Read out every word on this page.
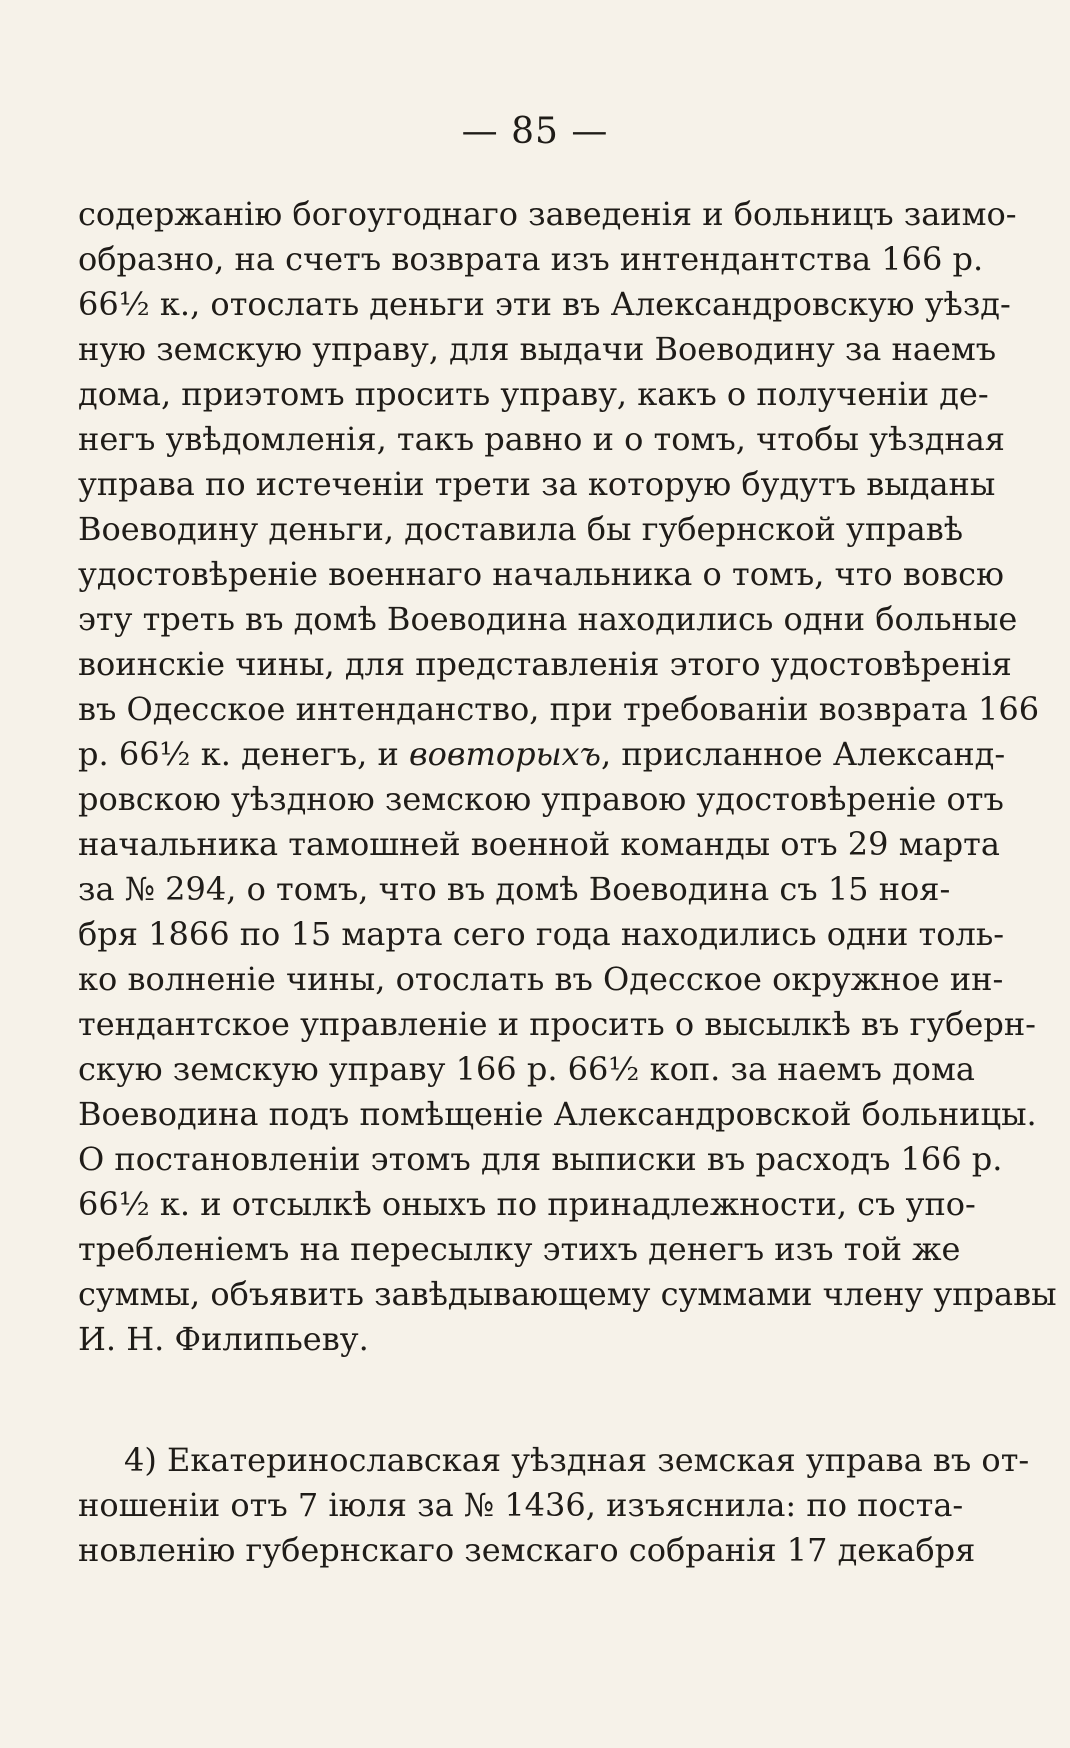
— 85 —
содержанію богоугоднаго заведенія и больницъ заимо-
образно, на счетъ возврата изъ интендантства 166 р.
66½ к., отослать деньги эти въ Александровскую уѣзд-
ную земскую управу, для выдачи Воеводину за наемъ
дома, приэтомъ просить управу, какъ о полученіи де-
негъ увѣдомленія, такъ равно и о томъ, чтобы уѣздная
управа по истеченіи трети за которую будутъ выданы
Воеводину деньги, доставила бы губернской управѣ
удостовѣреніе военнаго начальника о томъ, что вовсю
эту треть въ домѣ Воеводина находились одни больные
воинскіе чины, для представленія этого удостовѣренія
въ Одесское интенданство, при требованіи возврата 166
р. 66½ к. денегъ, и вовторыхъ, присланное Александ-
ровскою уѣздною земскою управою удостовѣреніе отъ
начальника тамошней военной команды отъ 29 марта
за № 294, о томъ, что въ домѣ Воеводина съ 15 ноя-
бря 1866 по 15 марта сего года находились одни толь-
ко волненіе чины, отослать въ Одесское окружное ин-
тендантское управленіе и просить о высылкѣ въ губерн-
скую земскую управу 166 р. 66½ коп. за наемъ дома
Воеводина подъ помѣщеніе Александровской больницы.
О постановленіи этомъ для выписки въ расходъ 166 р.
66½ к. и отсылкѣ оныхъ по принадлежности, съ упо-
требленіемъ на пересылку этихъ денегъ изъ той же
суммы, объявить завѣдывающему суммами члену управы
И. Н. Филипьеву.
4) Екатеринославская уѣздная земская управа въ от-
ношеніи отъ 7 іюля за № 1436, изъяснила: по поста-
новленію губернскаго земскаго собранія 17 декабря
